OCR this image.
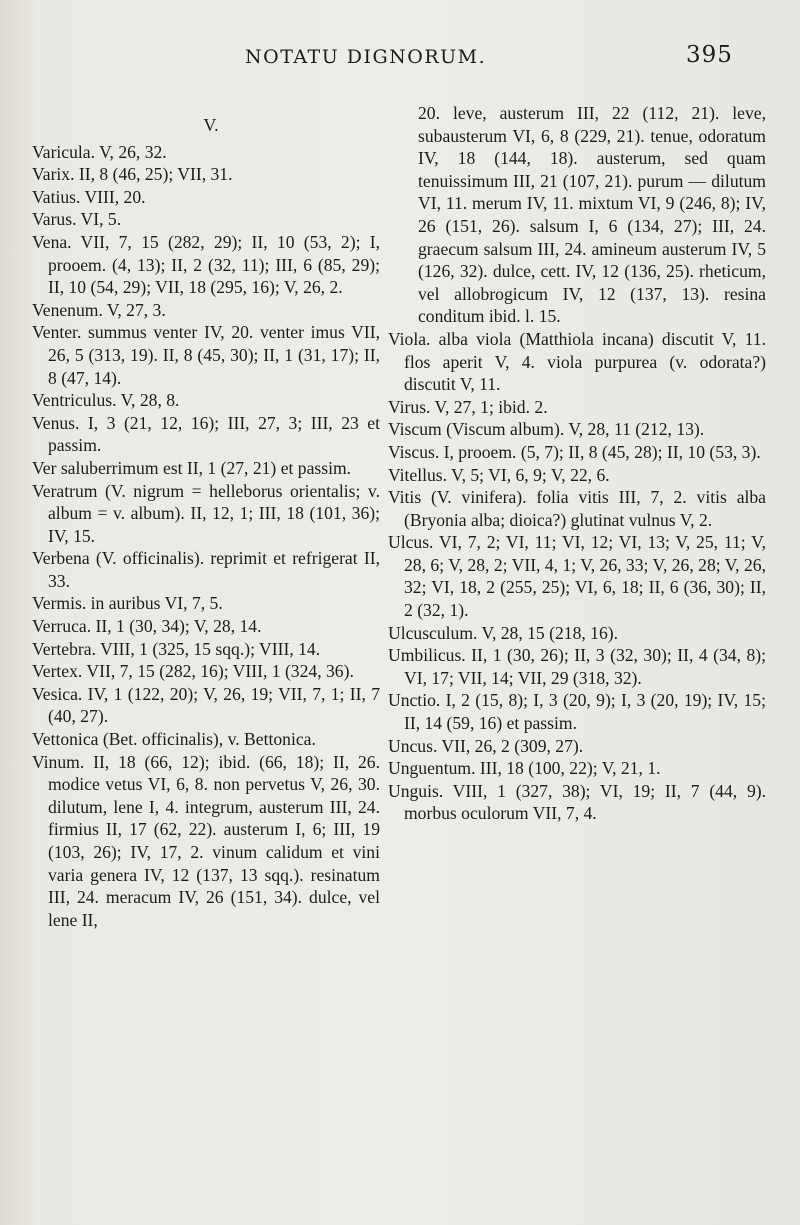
NOTATU DIGNORUM.	395
V.

Varicula. V, 26, 32.

Varix. II, 8 (46, 25); VII, 31.

Vatius. VIII, 20.

Varus. VI, 5.

Vena. VII, 7, 15 (282, 29); II, 10 (53, 2); I, prooem. (4, 13); II, 2 (32, 11); III, 6 (85, 29); II, 10 (54, 29); VII, 18 (295, 16); V, 26, 2.

Venenum. V, 27, 3.

Venter. summus venter IV, 20. venter imus VII, 26, 5 (313, 19). II, 8 (45, 30); II, 1 (31, 17); II, 8 (47, 14).

Ventriculus. V, 28, 8.

Venus. I, 3 (21, 12, 16); III, 27, 3; III, 23 et passim.

Ver saluberrimum est II, 1 (27, 21) et passim.

Veratrum (V. nigrum = helleborus orientalis; v. album = v. album). II, 12, 1; III, 18 (101, 36); IV, 15.

Verbena (V. officinalis). reprimit et refrigerat II, 33.

Vermis. in auribus VI, 7, 5.

Verruca. II, 1 (30, 34); V, 28, 14.

Vertebra. VIII, 1 (325, 15 sqq.); VIII, 14.

Vertex. VII, 7, 15 (282, 16); VIII, 1 (324, 36).

Vesica. IV, 1 (122, 20); V, 26, 19; VII, 7, 1; II, 7 (40, 27).

Vettonica (Bet. officinalis), v. Bettonica.

Vinum. II, 18 (66, 12); ibid. (66, 18); II, 26. modice vetus VI, 6, 8. non pervetus V, 26, 30. dilutum, lene I, 4. integrum, austerum III, 24. firmius II, 17 (62, 22). austerum I, 6; III, 19 (103, 26); IV, 17, 2. vinum calidum et vini varia genera IV, 12 (137, 13 sqq.). resinatum III, 24. meracum IV, 26 (151, 34). dulce, vel lene II,

20. leve, austerum III, 22 (112, 21). leve, subausterum VI, 6, 8 (229, 21). tenue, odoratum IV, 18 (144, 18). austerum, sed quam tenuissimum III, 21 (107, 21). purum — dilutum VI, 11. merum IV, 11. mixtum VI, 9 (246, 8); IV, 26 (151, 26). salsum I, 6 (134, 27); III, 24. graecum salsum III, 24. amineum austerum IV, 5 (126, 32). dulce, cett. IV, 12 (136, 25). rheticum, vel allobrogicum IV, 12 (137, 13). resina conditum ibid. l. 15.

Viola. alba viola (Matthiola incana) discutit V, 11. flos aperit V, 4. viola purpurea (v. odorata?) discutit V, 11.

Virus. V, 27, 1; ibid. 2.

Viscum (Viscum album). V, 28, 11 (212, 13).

Viscus. I, prooem. (5, 7); II, 8 (45, 28); II, 10 (53, 3).

Vitellus. V, 5; VI, 6, 9; V, 22, 6.

Vitis (V. vinifera). folia vitis III, 7, 2. vitis alba (Bryonia alba; dioica?) glutinat vulnus V, 2.

Ulcus. VI, 7, 2; VI, 11; VI, 12; VI, 13; V, 25, 11; V, 28, 6; V, 28, 2; VII, 4, 1; V, 26, 33; V, 26, 28; V, 26, 32; VI, 18, 2 (255, 25); VI, 6, 18; II, 6 (36, 30); II, 2 (32, 1).

Ulcusculum. V, 28, 15 (218, 16).

Umbilicus. II, 1 (30, 26); II, 3 (32, 30); II, 4 (34, 8); VI, 17; VII, 14; VII, 29 (318, 32).

Unctio. I, 2 (15, 8); I, 3 (20, 9); I, 3 (20, 19); IV, 15; II, 14 (59, 16) et passim.

Uncus. VII, 26, 2 (309, 27).

Unguentum. III, 18 (100, 22); V, 21, 1.

Unguis. VIII, 1 (327, 38); VI, 19; II, 7 (44, 9). morbus oculorum VII, 7, 4.
